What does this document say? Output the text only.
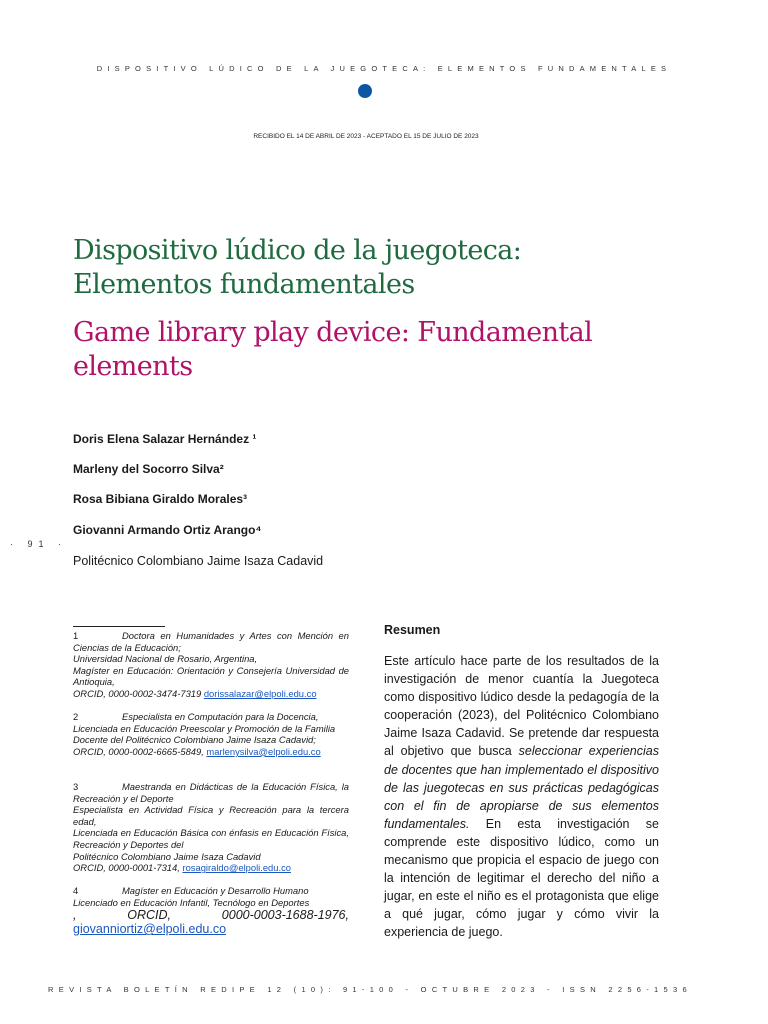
DISPOSITIVO LÚDICO DE LA JUEGOTECA: ELEMENTOS FUNDAMENTALES
RECIBIDO EL 14 DE ABRIL DE 2023 - ACEPTADO EL 15 DE JULIO DE 2023
Dispositivo lúdico de la juegoteca:
Elementos fundamentales
Game library play device: Fundamental
elements
Doris Elena Salazar Hernández ¹
Marleny del Socorro Silva²
Rosa Bibiana Giraldo Morales³
Giovanni Armando Ortiz Arango⁴
· 91 ·
Politécnico Colombiano Jaime Isaza Cadavid

1	Doctora en Humanidades y Artes con Mención en Ciencias de la Educación;

Universidad Nacional de Rosario, Argentina,

Magíster en Educación: Orientación y Consejería Universidad de Antioquia,

ORCID, 0000-0002-3474-7319 dorissalazar@elpoli.edu.co

2	Especialista en Computación para la Docencia,

Licenciada en Educación Preescolar y Promoción de la Familia

Docente del Politécnico Colombiano Jaime Isaza Cadavid;

ORCID, 0000-0002-6665-5849, marlenysilva@elpoli.edu.co

3	Maestranda en Didácticas de la Educación Física, la Recreación y el Deporte

Especialista en Actividad Física y Recreación para la tercera edad,

Licenciada en Educación Básica con énfasis en Educación Física, Recreación y Deportes del

Politécnico Colombiano Jaime Isaza Cadavid

ORCID, 0000-0001-7314, rosagiraldo@elpoli.edu.co

4	Magíster en Educación y Desarrollo Humano

Licenciado en Educación Infantil, Tecnólogo en Deportes

, ORCID, 0000-0003-1688-1976, giovanniortiz@elpoli.edu.co

Resumen

Este artículo hace parte de los resultados de la investigación de menor cuantía la Juegoteca como dispositivo lúdico desde la pedagogía de la cooperación (2023), del Politécnico Colombiano Jaime Isaza Cadavid. Se pretende dar respuesta al objetivo que busca seleccionar experiencias de docentes que han implementado el dispositivo de las juegotecas en sus prácticas pedagógicas con el fin de apropiarse de sus elementos fundamentales. En esta investigación se comprende este dispositivo lúdico, como un mecanismo que propicia el espacio de juego con la intención de legitimar el derecho del niño a jugar, en este el niño es el protagonista que elige a qué jugar, cómo jugar y cómo vivir la experiencia de juego.

REVISTA BOLETÍN REDIPE 12 (10): 91-100 - OCTUBRE 2023 - ISSN 2256-1536
